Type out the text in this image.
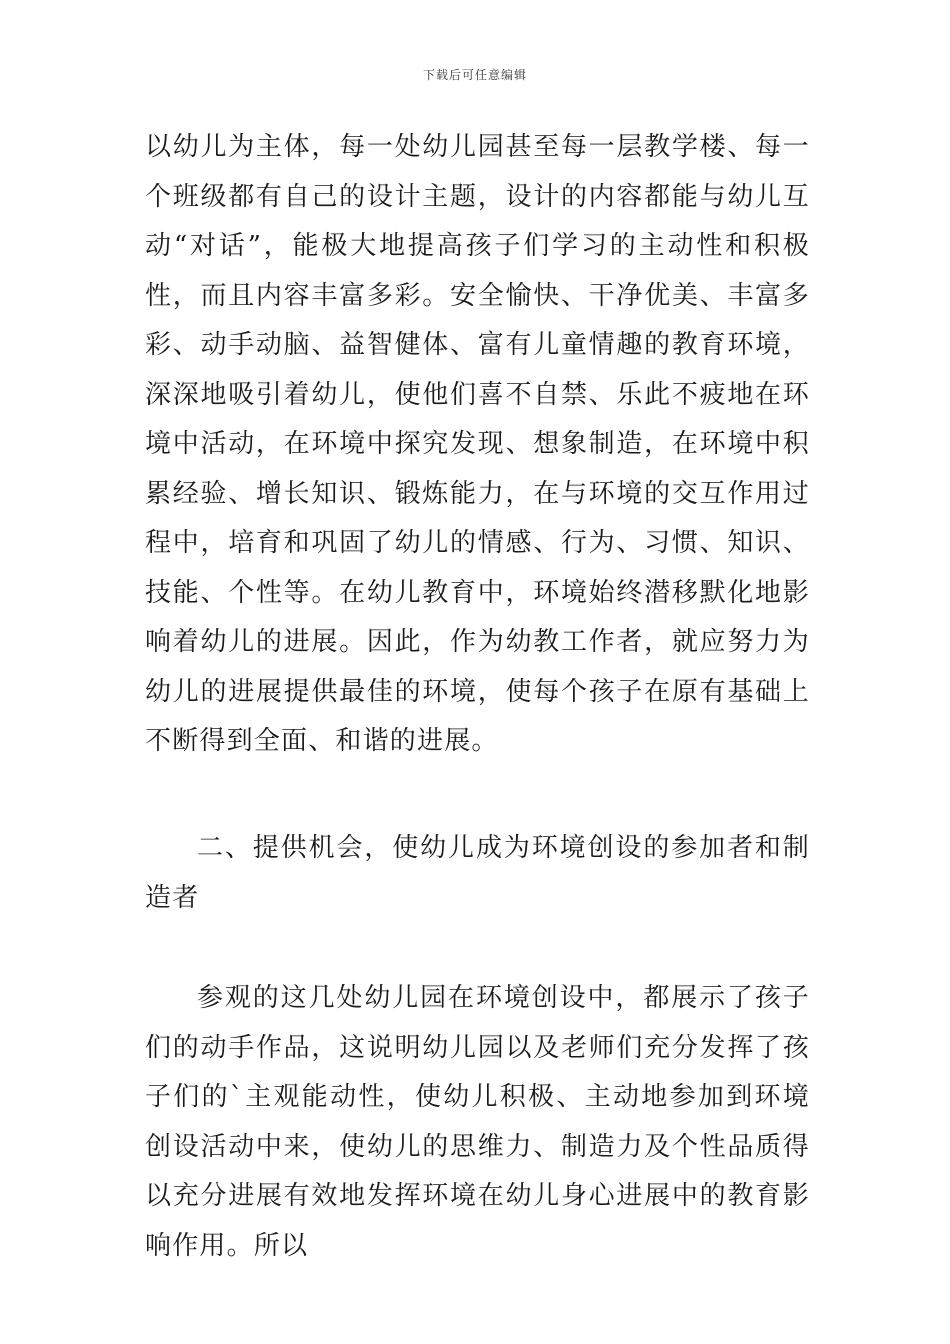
下载后可任意编辑
以幼儿为主体，每一处幼儿园甚至每一层教学楼、每一个班级都有自己的设计主题，设计的内容都能与幼儿互动“对话”，能极大地提高孩子们学习的主动性和积极性，而且内容丰富多彩。安全愉快、干净优美、丰富多彩、动手动脑、益智健体、富有儿童情趣的教育环境，深深地吸引着幼儿，使他们喜不自禁、乐此不疲地在环境中活动，在环境中探究发现、想象制造，在环境中积累经验、增长知识、锻炼能力，在与环境的交互作用过程中，培育和巩固了幼儿的情感、行为、习惯、知识、技能、个性等。在幼儿教育中，环境始终潜移默化地影响着幼儿的进展。因此，作为幼教工作者，就应努力为幼儿的进展提供最佳的环境，使每个孩子在原有基础上不断得到全面、和谐的进展。
二、提供机会，使幼儿成为环境创设的参加者和制造者
参观的这几处幼儿园在环境创设中，都展示了孩子们的动手作品，这说明幼儿园以及老师们充分发挥了孩子们的`主观能动性，使幼儿积极、主动地参加到环境创设活动中来，使幼儿的思维力、制造力及个性品质得以充分进展有效地发挥环境在幼儿身心进展中的教育影响作用。所以
